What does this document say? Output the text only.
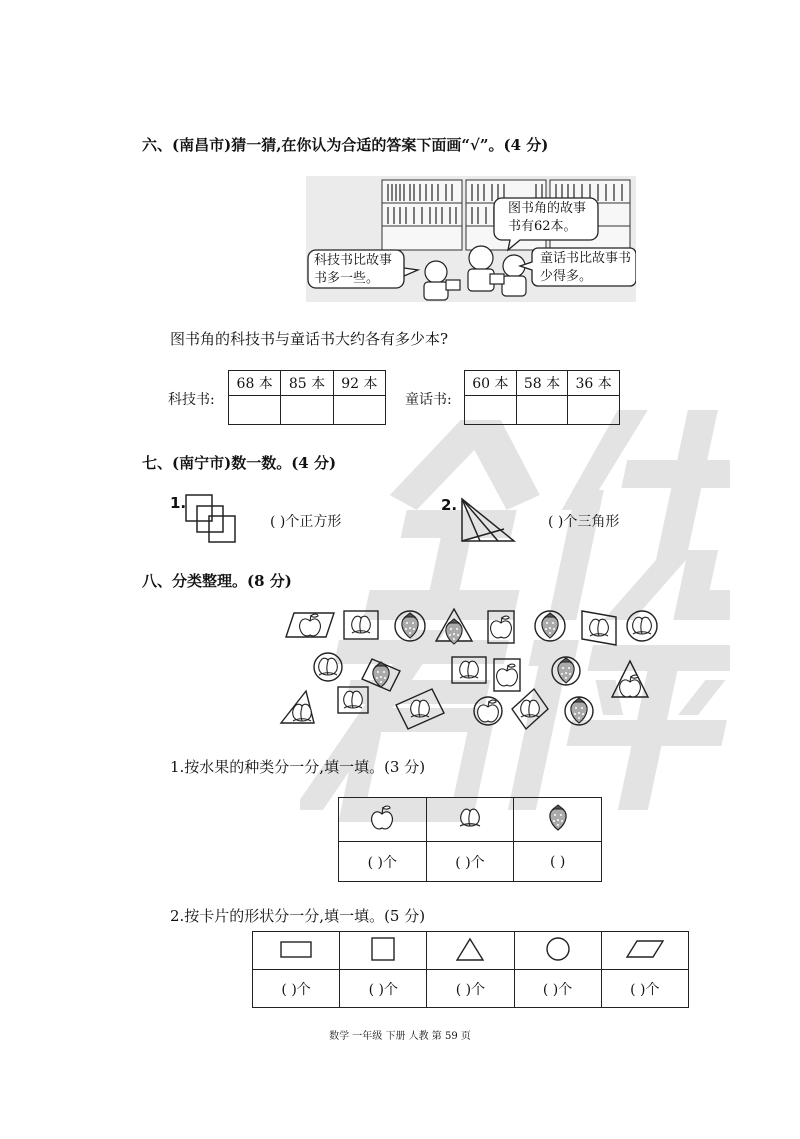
六、(南昌市)猜一猜,在你认为合适的答案下面画“√”。(4 分)
图书角的故事书有62本。
科技书比故事书多一些。
童话书比故事书少得多。
图书角的科技书与童话书大约各有多少本?
科技书:
68 本	85 本	92 本

童话书:
60 本	58 本	36 本

七、(南宁市)数一数。(4 分)
1.
( )个正方形
2.
( )个三角形
八、分类整理。(8 分)
1.按水果的种类分一分,填一填。(3 分)

( )个	( )个	( )
2.按卡片的形状分一分,填一填。(5 分)

( )个	( )个	( )个	( )个	( )个
数学 一年级 下册 人教 第 59 页
